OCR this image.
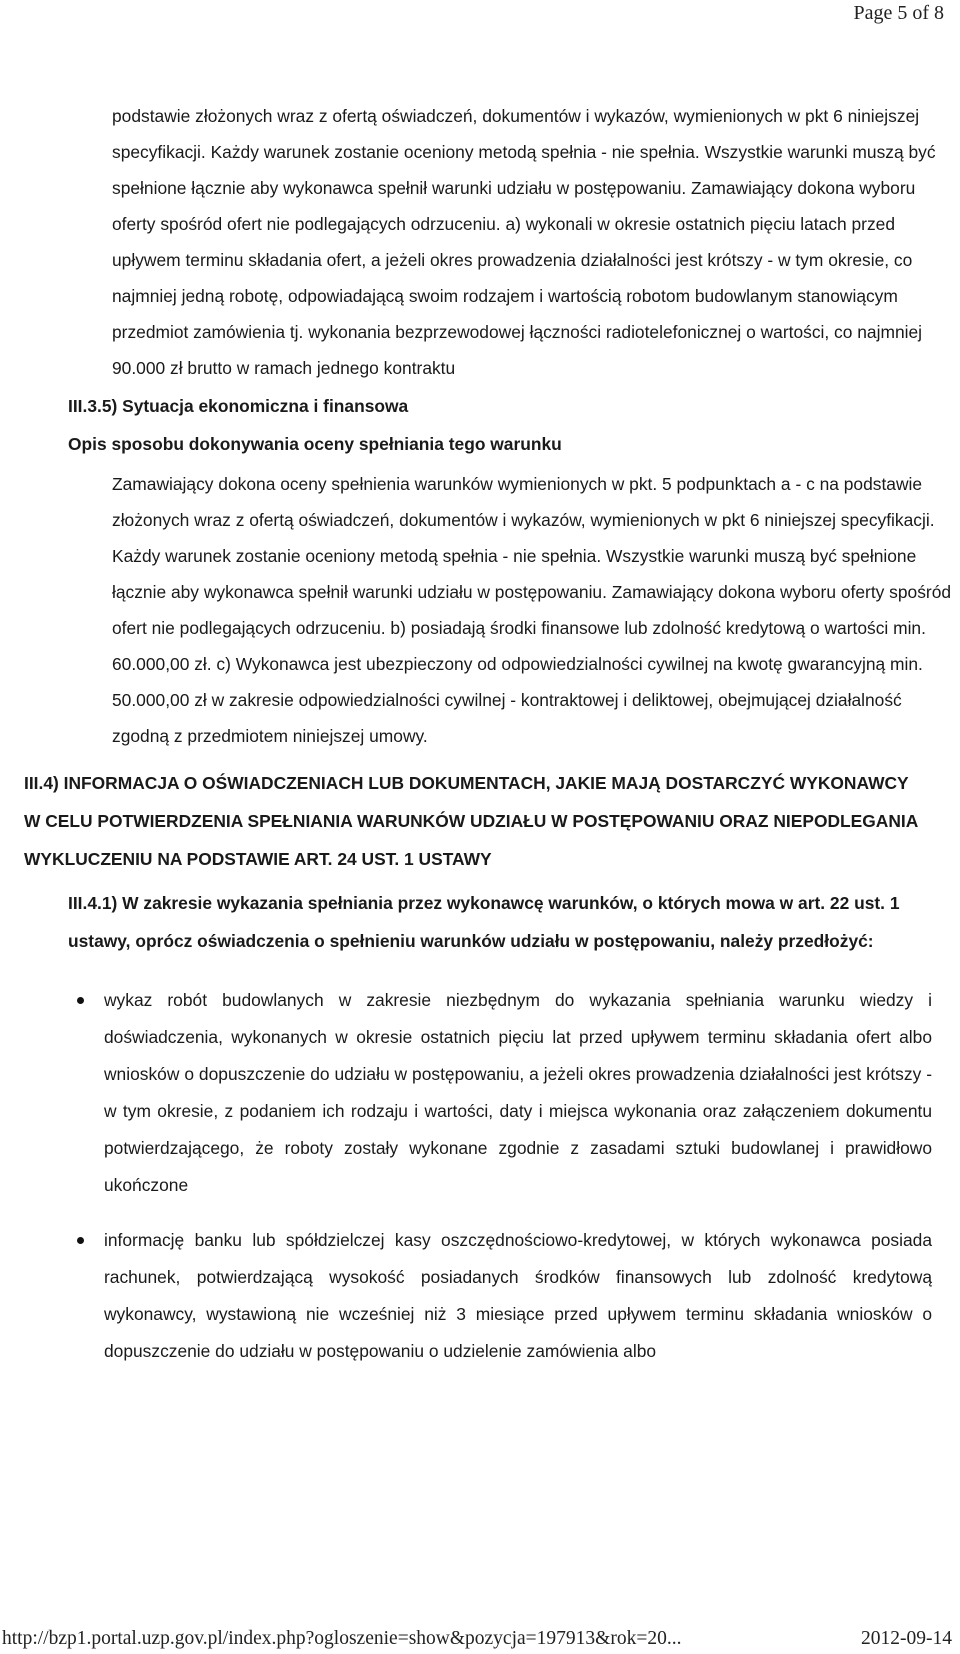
Page 5 of 8

podstawie złożonych wraz z ofertą oświadczeń, dokumentów i wykazów, wymienionych w pkt 6 niniejszej specyfikacji. Każdy warunek zostanie oceniony metodą spełnia - nie spełnia. Wszystkie warunki muszą być spełnione łącznie aby wykonawca spełnił warunki udziału w postępowaniu. Zamawiający dokona wyboru oferty spośród ofert nie podlegających odrzuceniu. a) wykonali w okresie ostatnich pięciu latach przed upływem terminu składania ofert, a jeżeli okres prowadzenia działalności jest krótszy - w tym okresie, co najmniej jedną robotę, odpowiadającą swoim rodzajem i wartością robotom budowlanym stanowiącym przedmiot zamówienia tj. wykonania bezprzewodowej łączności radiotelefonicznej o wartości, co najmniej 90.000 zł brutto w ramach jednego kontraktu

III.3.5) Sytuacja ekonomiczna i finansowa

Opis sposobu dokonywania oceny spełniania tego warunku

Zamawiający dokona oceny spełnienia warunków wymienionych w pkt. 5 podpunktach a - c na podstawie złożonych wraz z ofertą oświadczeń, dokumentów i wykazów, wymienionych w pkt 6 niniejszej specyfikacji. Każdy warunek zostanie oceniony metodą spełnia - nie spełnia. Wszystkie warunki muszą być spełnione łącznie aby wykonawca spełnił warunki udziału w postępowaniu. Zamawiający dokona wyboru oferty spośród ofert nie podlegających odrzuceniu. b) posiadają środki finansowe lub zdolność kredytową o wartości min. 60.000,00 zł. c) Wykonawca jest ubezpieczony od odpowiedzialności cywilnej na kwotę gwarancyjną min. 50.000,00 zł w zakresie odpowiedzialności cywilnej - kontraktowej i deliktowej, obejmującej działalność zgodną z przedmiotem niniejszej umowy.

III.4) INFORMACJA O OŚWIADCZENIACH LUB DOKUMENTACH, JAKIE MAJĄ DOSTARCZYĆ WYKONAWCY W CELU POTWIERDZENIA SPEŁNIANIA WARUNKÓW UDZIAŁU W POSTĘPOWANIU ORAZ NIEPODLEGANIA WYKLUCZENIU NA PODSTAWIE ART. 24 UST. 1 USTAWY

III.4.1) W zakresie wykazania spełniania przez wykonawcę warunków, o których mowa w art. 22 ust. 1 ustawy, oprócz oświadczenia o spełnieniu warunków udziału w postępowaniu, należy przedłożyć:

wykaz robót budowlanych w zakresie niezbędnym do wykazania spełniania warunku wiedzy i doświadczenia, wykonanych w okresie ostatnich pięciu lat przed upływem terminu składania ofert albo wniosków o dopuszczenie do udziału w postępowaniu, a jeżeli okres prowadzenia działalności jest krótszy - w tym okresie, z podaniem ich rodzaju i wartości, daty i miejsca wykonania oraz załączeniem dokumentu potwierdzającego, że roboty zostały wykonane zgodnie z zasadami sztuki budowlanej i prawidłowo ukończone
informację banku lub spółdzielczej kasy oszczędnościowo-kredytowej, w których wykonawca posiada rachunek, potwierdzającą wysokość posiadanych środków finansowych lub zdolność kredytową wykonawcy, wystawioną nie wcześniej niż 3 miesiące przed upływem terminu składania wniosków o dopuszczenie do udziału w postępowaniu o udzielenie zamówienia albo
http://bzp1.portal.uzp.gov.pl/index.php?ogloszenie=show&pozycja=197913&rok=20...	2012-09-14
